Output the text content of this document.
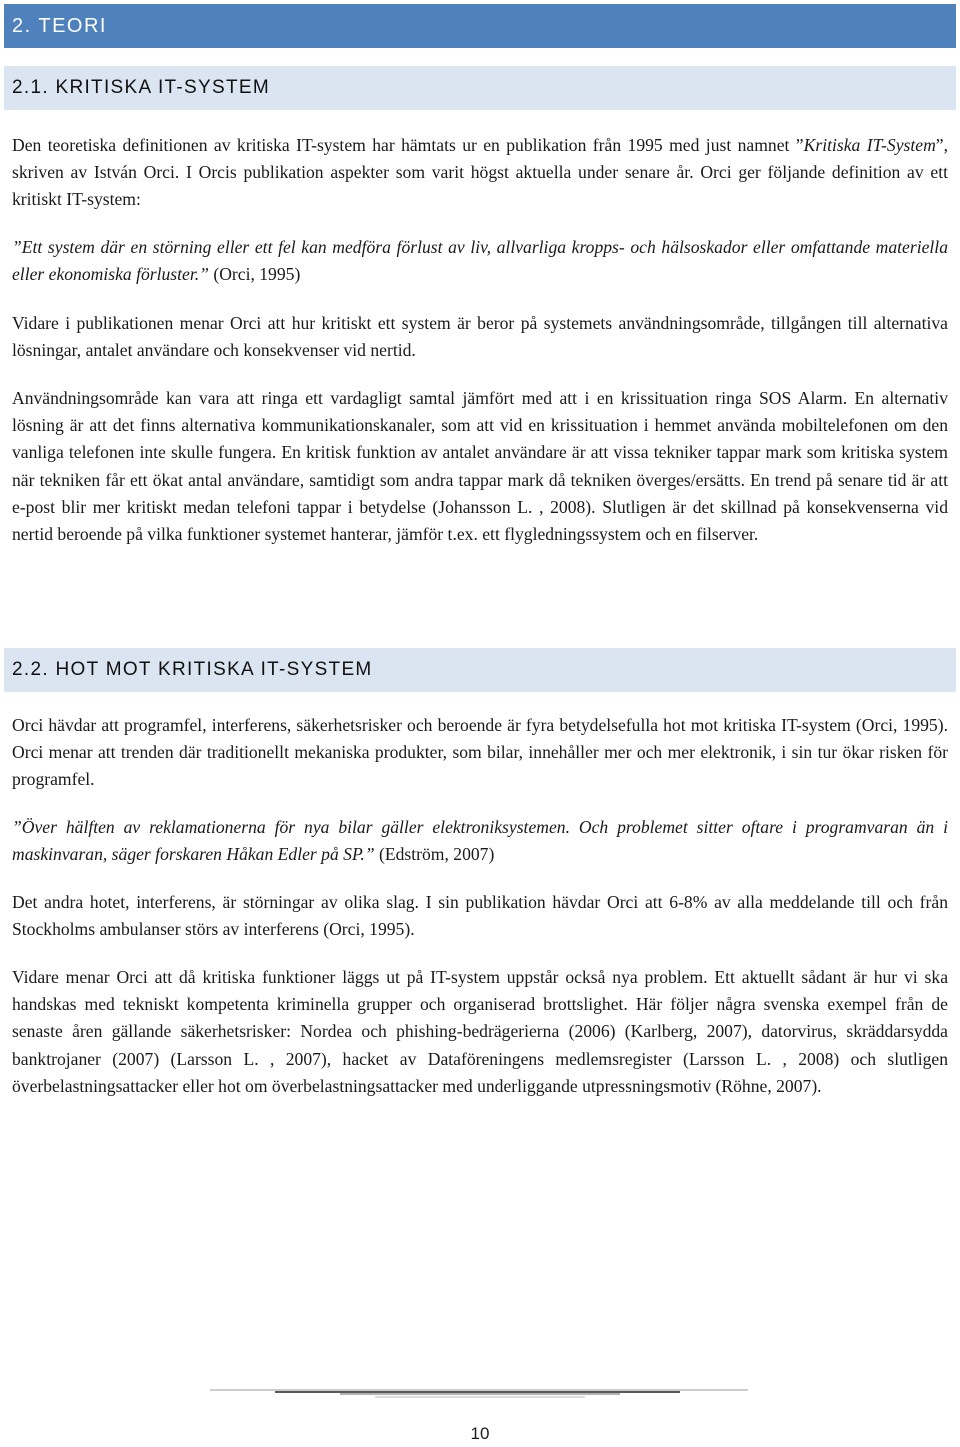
2. TEORI
2.1. KRITISKA IT-SYSTEM

Den teoretiska definitionen av kritiska IT-system har hämtats ur en publikation från 1995 med just namnet ”Kritiska IT-System”, skriven av István Orci. I Orcis publikation aspekter som varit högst aktuella under senare år. Orci ger följande definition av ett kritiskt IT-system:

”Ett system där en störning eller ett fel kan medföra förlust av liv, allvarliga kropps- och hälsoskador eller omfattande materiella eller ekonomiska förluster.” (Orci, 1995)

Vidare i publikationen menar Orci att hur kritiskt ett system är beror på systemets användningsområde, tillgången till alternativa lösningar, antalet användare och konsekvenser vid nertid.

Användningsområde kan vara att ringa ett vardagligt samtal jämfört med att i en krissituation ringa SOS Alarm. En alternativ lösning är att det finns alternativa kommunikationskanaler, som att vid en krissituation i hemmet använda mobiltelefonen om den vanliga telefonen inte skulle fungera. En kritisk funktion av antalet användare är att vissa tekniker tappar mark som kritiska system när tekniken får ett ökat antal användare, samtidigt som andra tappar mark då tekniken överges/ersätts. En trend på senare tid är att e-post blir mer kritiskt medan telefoni tappar i betydelse (Johansson L. , 2008). Slutligen är det skillnad på konsekvenserna vid nertid beroende på vilka funktioner systemet hanterar, jämför t.ex. ett flygledningssystem och en filserver.

2.2. HOT MOT KRITISKA IT-SYSTEM

Orci hävdar att programfel, interferens, säkerhetsrisker och beroende är fyra betydelsefulla hot mot kritiska IT-system (Orci, 1995). Orci menar att trenden där traditionellt mekaniska produkter, som bilar, innehåller mer och mer elektronik, i sin tur ökar risken för programfel.

”Över hälften av reklamationerna för nya bilar gäller elektroniksystemen. Och problemet sitter oftare i programvaran än i maskinvaran, säger forskaren Håkan Edler på SP.” (Edström, 2007)

Det andra hotet, interferens, är störningar av olika slag. I sin publikation hävdar Orci att 6-8% av alla meddelande till och från Stockholms ambulanser störs av interferens (Orci, 1995).

Vidare menar Orci att då kritiska funktioner läggs ut på IT-system uppstår också nya problem. Ett aktuellt sådant är hur vi ska handskas med tekniskt kompetenta kriminella grupper och organiserad brottslighet. Här följer några svenska exempel från de senaste åren gällande säkerhetsrisker: Nordea och phishing-bedrägerierna (2006) (Karlberg, 2007), datorvirus, skräddarsydda banktrojaner (2007) (Larsson L. , 2007), hacket av Dataföreningens medlemsregister (Larsson L. , 2008) och slutligen överbelastningsattacker eller hot om överbelastningsattacker med underliggande utpressningsmotiv (Röhne, 2007).

10
